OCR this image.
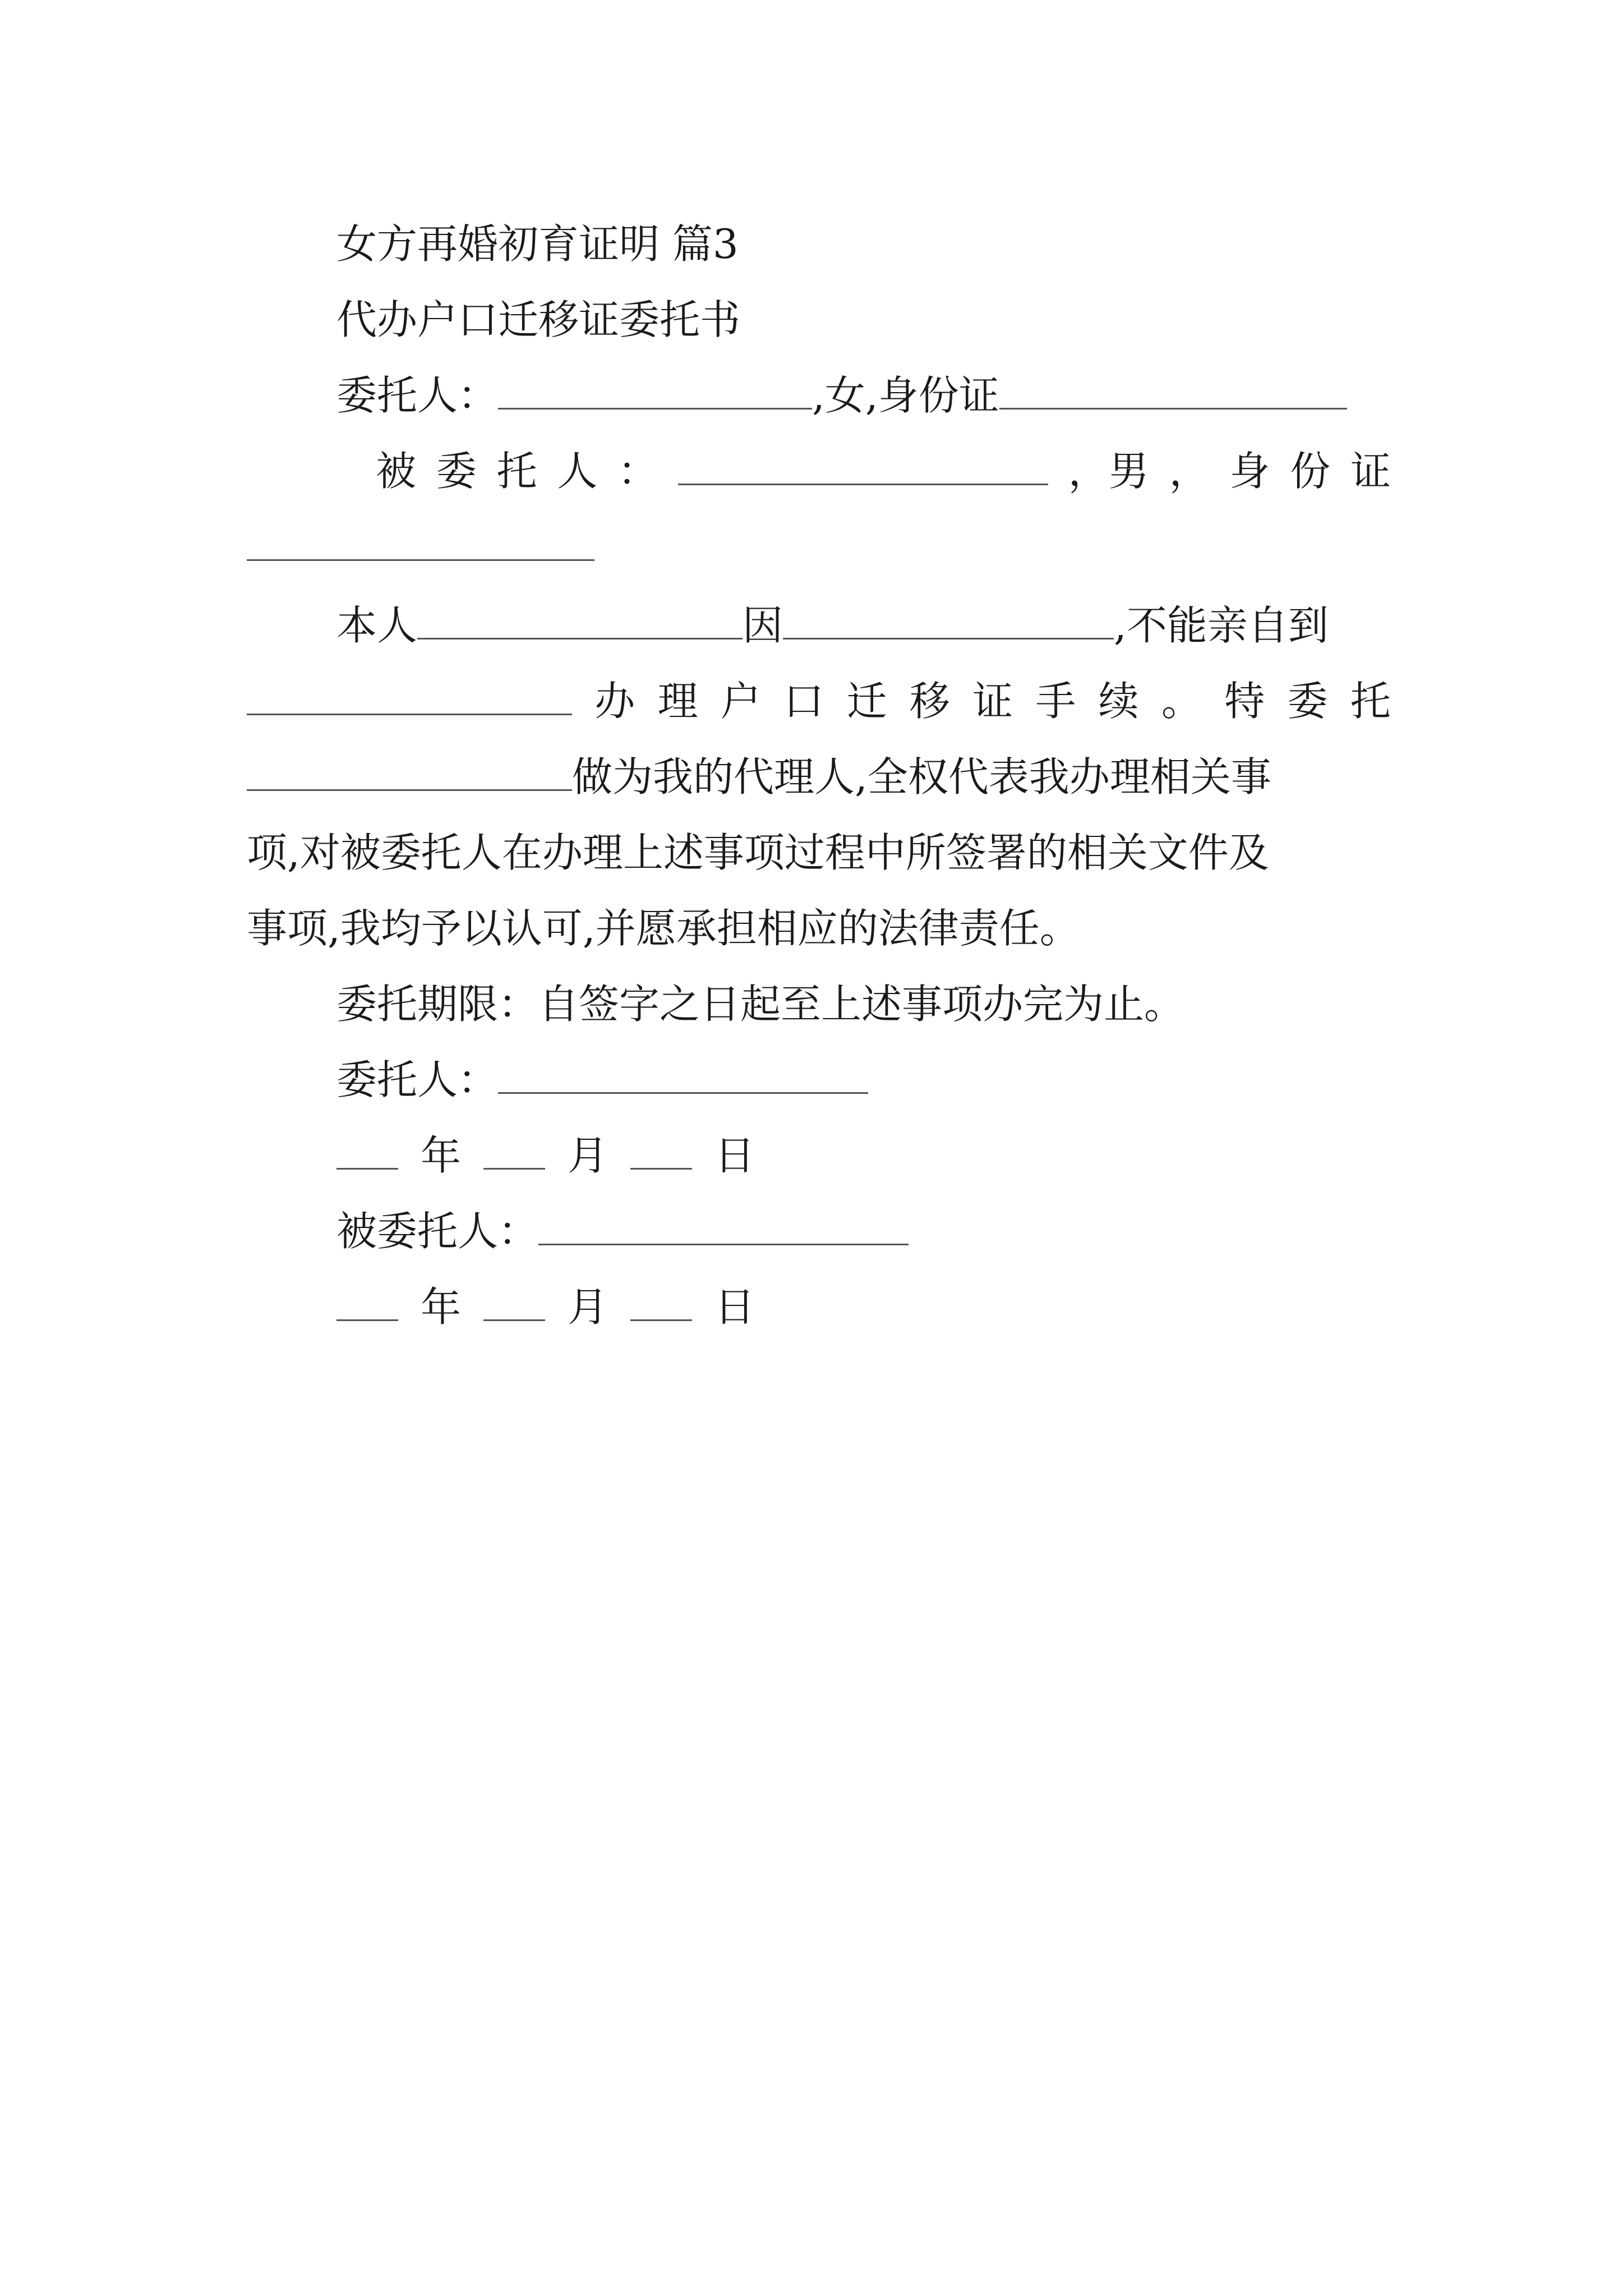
女方再婚初育证明 篇3
代办户口迁移证委托书
委托人：	,女,身份证
被 委 托 人 ：	，男 ， 身 份 证
本人	因	,不能亲自到
办 理 户 口 迁 移 证 手 续 。 特 委 托
做为我的代理人,全权代表我办理相关事
项,对被委托人在办理上述事项过程中所签署的相关文件及
事项,我均予以认可,并愿承担相应的法律责任。
委托期限：自签字之日起至上述事项办完为止。
委托人：
年	月	日
被委托人：
年	月	日
